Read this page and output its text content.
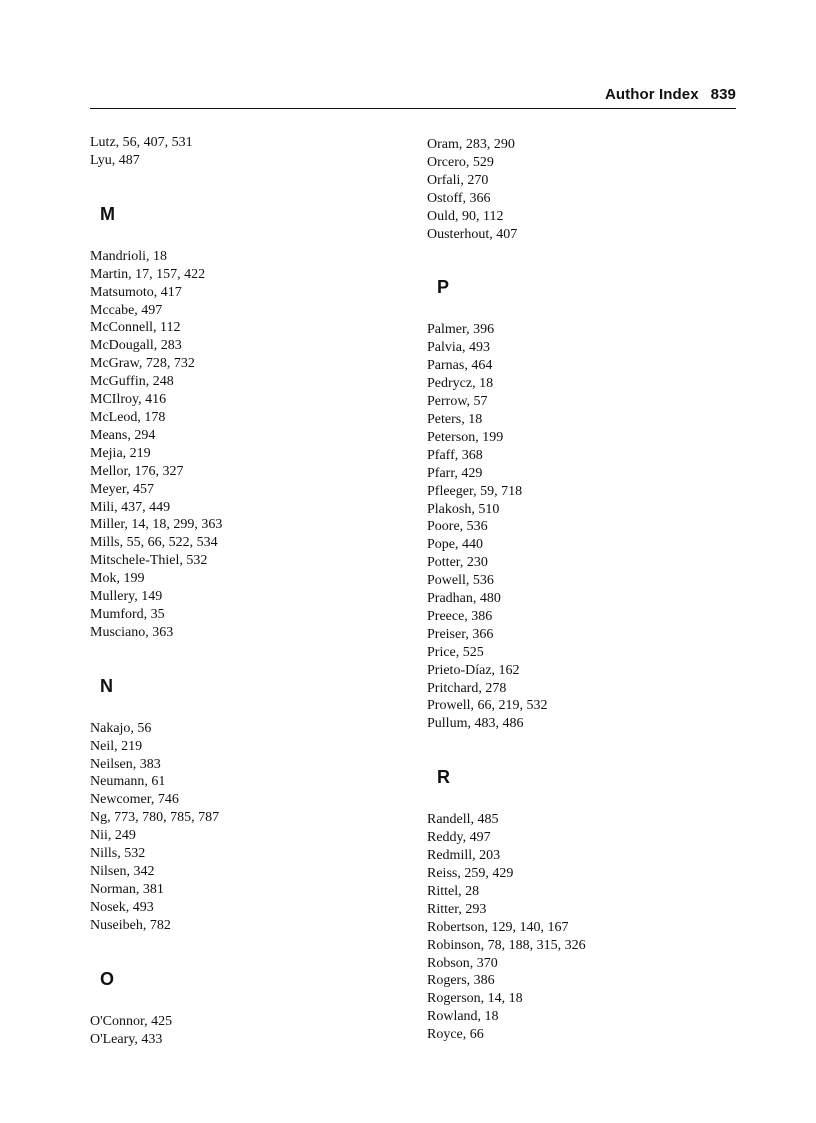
Author Index 839
Lutz, 56, 407, 531
Lyu, 487
M
Mandrioli, 18
Martin, 17, 157, 422
Matsumoto, 417
Mccabe, 497
McConnell, 112
McDougall, 283
McGraw, 728, 732
McGuffin, 248
MCIlroy, 416
McLeod, 178
Means, 294
Mejia, 219
Mellor, 176, 327
Meyer, 457
Mili, 437, 449
Miller, 14, 18, 299, 363
Mills, 55, 66, 522, 534
Mitschele-Thiel, 532
Mok, 199
Mullery, 149
Mumford, 35
Musciano, 363
N
Nakajo, 56
Neil, 219
Neilsen, 383
Neumann, 61
Newcomer, 746
Ng, 773, 780, 785, 787
Nii, 249
Nills, 532
Nilsen, 342
Norman, 381
Nosek, 493
Nuseibeh, 782
O
O'Connor, 425
O'Leary, 433
Oram, 283, 290
Orcero, 529
Orfali, 270
Ostoff, 366
Ould, 90, 112
Ousterhout, 407
P
Palmer, 396
Palvia, 493
Parnas, 464
Pedrycz, 18
Perrow, 57
Peters, 18
Peterson, 199
Pfaff, 368
Pfarr, 429
Pfleeger, 59, 718
Plakosh, 510
Poore, 536
Pope, 440
Potter, 230
Powell, 536
Pradhan, 480
Preece, 386
Preiser, 366
Price, 525
Prieto-Díaz, 162
Pritchard, 278
Prowell, 66, 219, 532
Pullum, 483, 486
R
Randell, 485
Reddy, 497
Redmill, 203
Reiss, 259, 429
Rittel, 28
Ritter, 293
Robertson, 129, 140, 167
Robinson, 78, 188, 315, 326
Robson, 370
Rogers, 386
Rogerson, 14, 18
Rowland, 18
Royce, 66
